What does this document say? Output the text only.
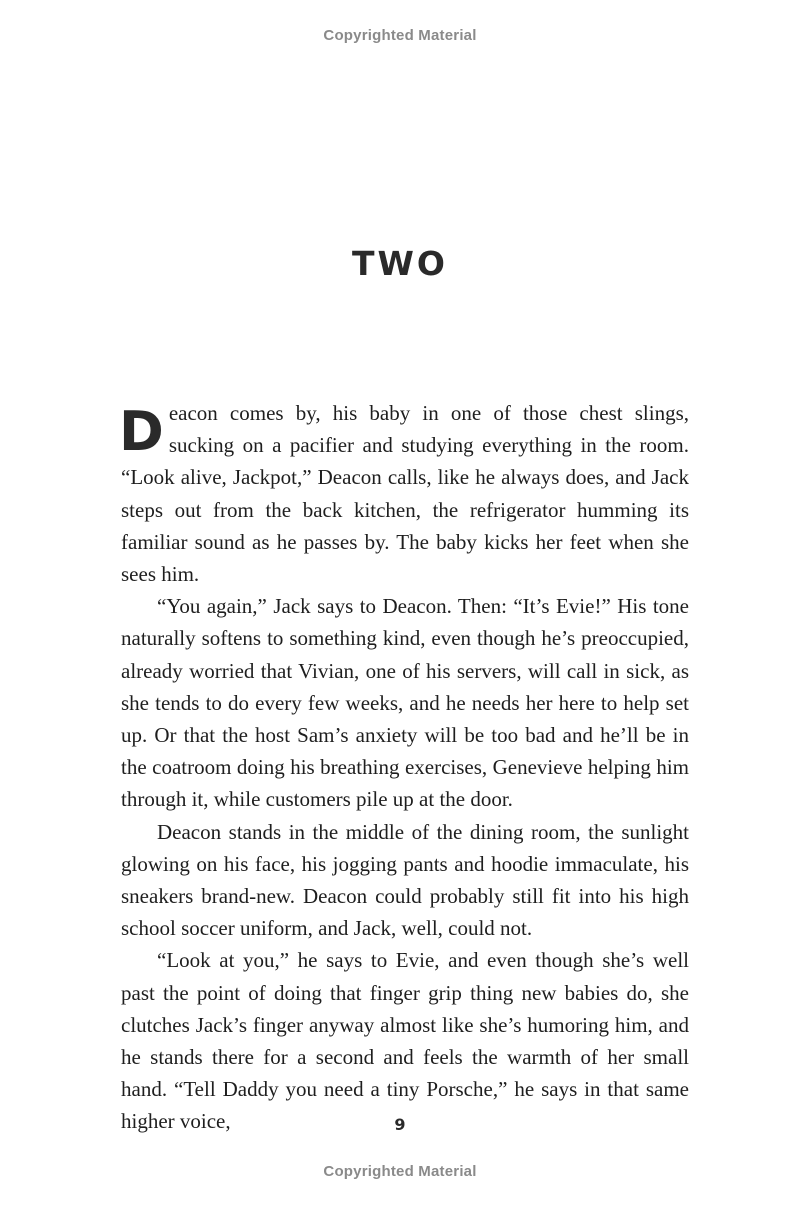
Copyrighted Material
TWO

Deacon comes by, his baby in one of those chest slings, sucking on a pacifier and studying everything in the room. “Look alive, Jackpot,” Deacon calls, like he always does, and Jack steps out from the back kitchen, the refrigerator humming its familiar sound as he passes by. The baby kicks her feet when she sees him.

“You again,” Jack says to Deacon. Then: “It’s Evie!” His tone naturally softens to something kind, even though he’s preoccupied, already worried that Vivian, one of his servers, will call in sick, as she tends to do every few weeks, and he needs her here to help set up. Or that the host Sam’s anxiety will be too bad and he’ll be in the coatroom doing his breathing exercises, Genevieve helping him through it, while customers pile up at the door.

Deacon stands in the middle of the dining room, the sunlight glowing on his face, his jogging pants and hoodie immaculate, his sneakers brand-new. Deacon could probably still fit into his high school soccer uniform, and Jack, well, could not.

“Look at you,” he says to Evie, and even though she’s well past the point of doing that finger grip thing new babies do, she clutches Jack’s finger anyway almost like she’s humoring him, and he stands there for a second and feels the warmth of her small hand. “Tell Daddy you need a tiny Porsche,” he says in that same higher voice,	9
Copyrighted Material
